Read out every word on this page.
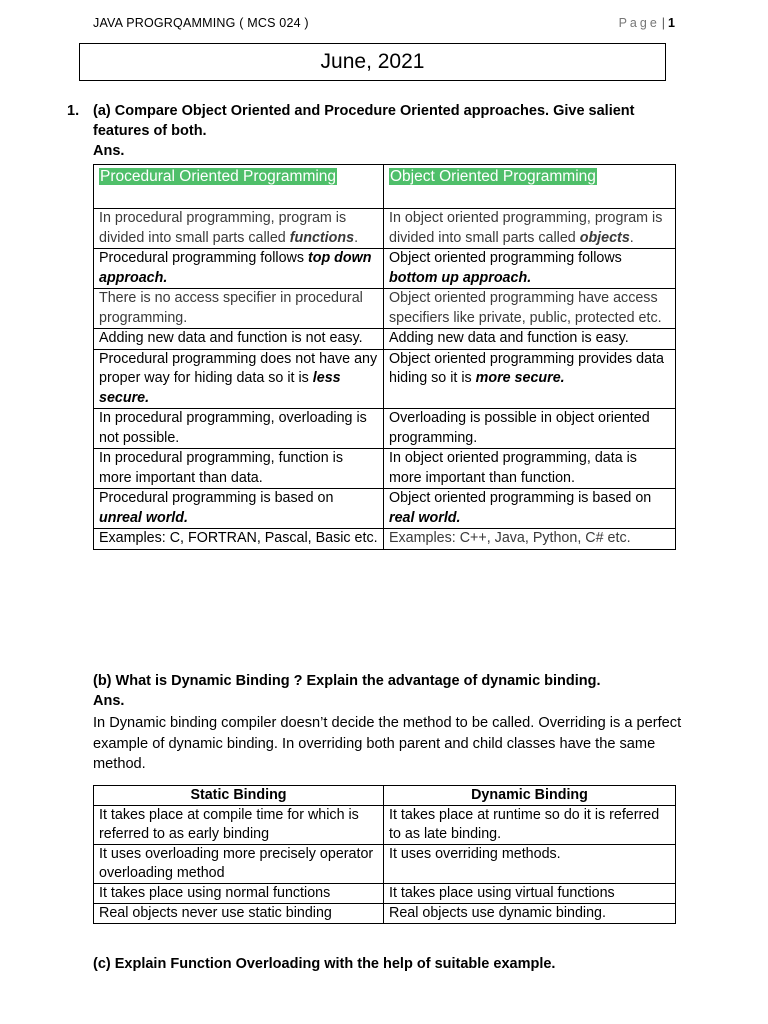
JAVA PROGRQAMMING ( MCS 024 )	Page | 1
June, 2021
1. (a) Compare Object Oriented and Procedure Oriented approaches. Give salient
features of both.
Ans.
Procedural Oriented Programming	Object Oriented Programming
In procedural programming, program is divided into small parts called functions.	In object oriented programming, program is divided into small parts called objects.
Procedural programming follows top down approach.	Object oriented programming follows bottom up approach.
There is no access specifier in procedural programming.	Object oriented programming have access specifiers like private, public, protected etc.
Adding new data and function is not easy.	Adding new data and function is easy.
Procedural programming does not have any proper way for hiding data so it is less secure.	Object oriented programming provides data hiding so it is more secure.
In procedural programming, overloading is not possible.	Overloading is possible in object oriented programming.
In procedural programming, function is more important than data.	In object oriented programming, data is more important than function.
Procedural programming is based on unreal world.	Object oriented programming is based on real world.
Examples: C, FORTRAN, Pascal, Basic etc.	Examples: C++, Java, Python, C# etc.
(b) What is Dynamic Binding ? Explain the advantage of dynamic binding.
Ans.
In Dynamic binding compiler doesn’t decide the method to be called. Overriding is a perfect example of dynamic binding. In overriding both parent and child classes have the same method.
Static Binding	Dynamic Binding
It takes place at compile time for which is referred to as early binding	It takes place at runtime so do it is referred to as late binding.
It uses overloading more precisely operator overloading method	It uses overriding methods.
It takes place using normal functions	It takes place using virtual functions
Real objects never use static binding	Real objects use dynamic binding.
(c) Explain Function Overloading with the help of suitable example.
